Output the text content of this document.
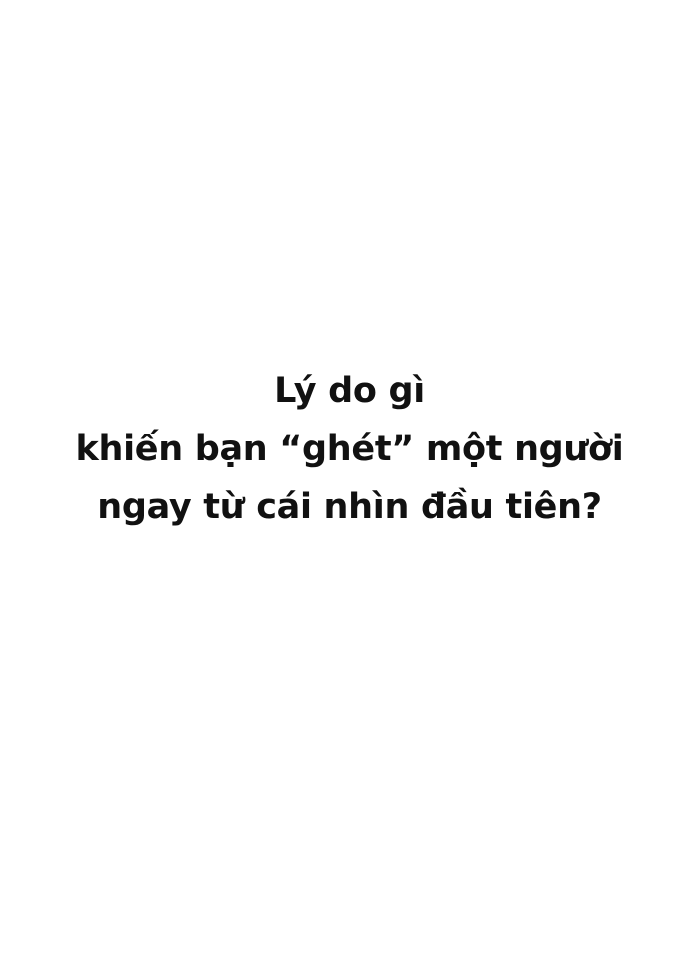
Lý do gì
khiến bạn “ghét” một người
ngay từ cái nhìn đầu tiên?
